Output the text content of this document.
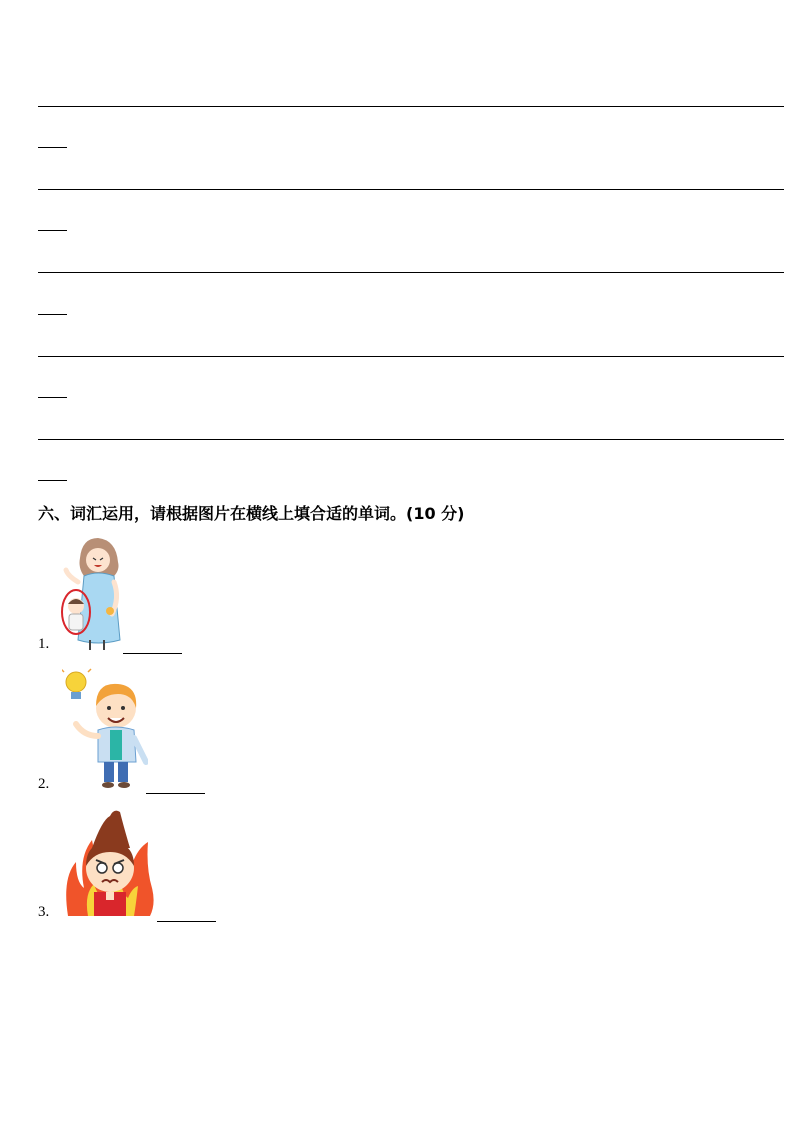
六、词汇运用，请根据图片在横线上填合适的单词。(10 分)
1.
2.
3.
